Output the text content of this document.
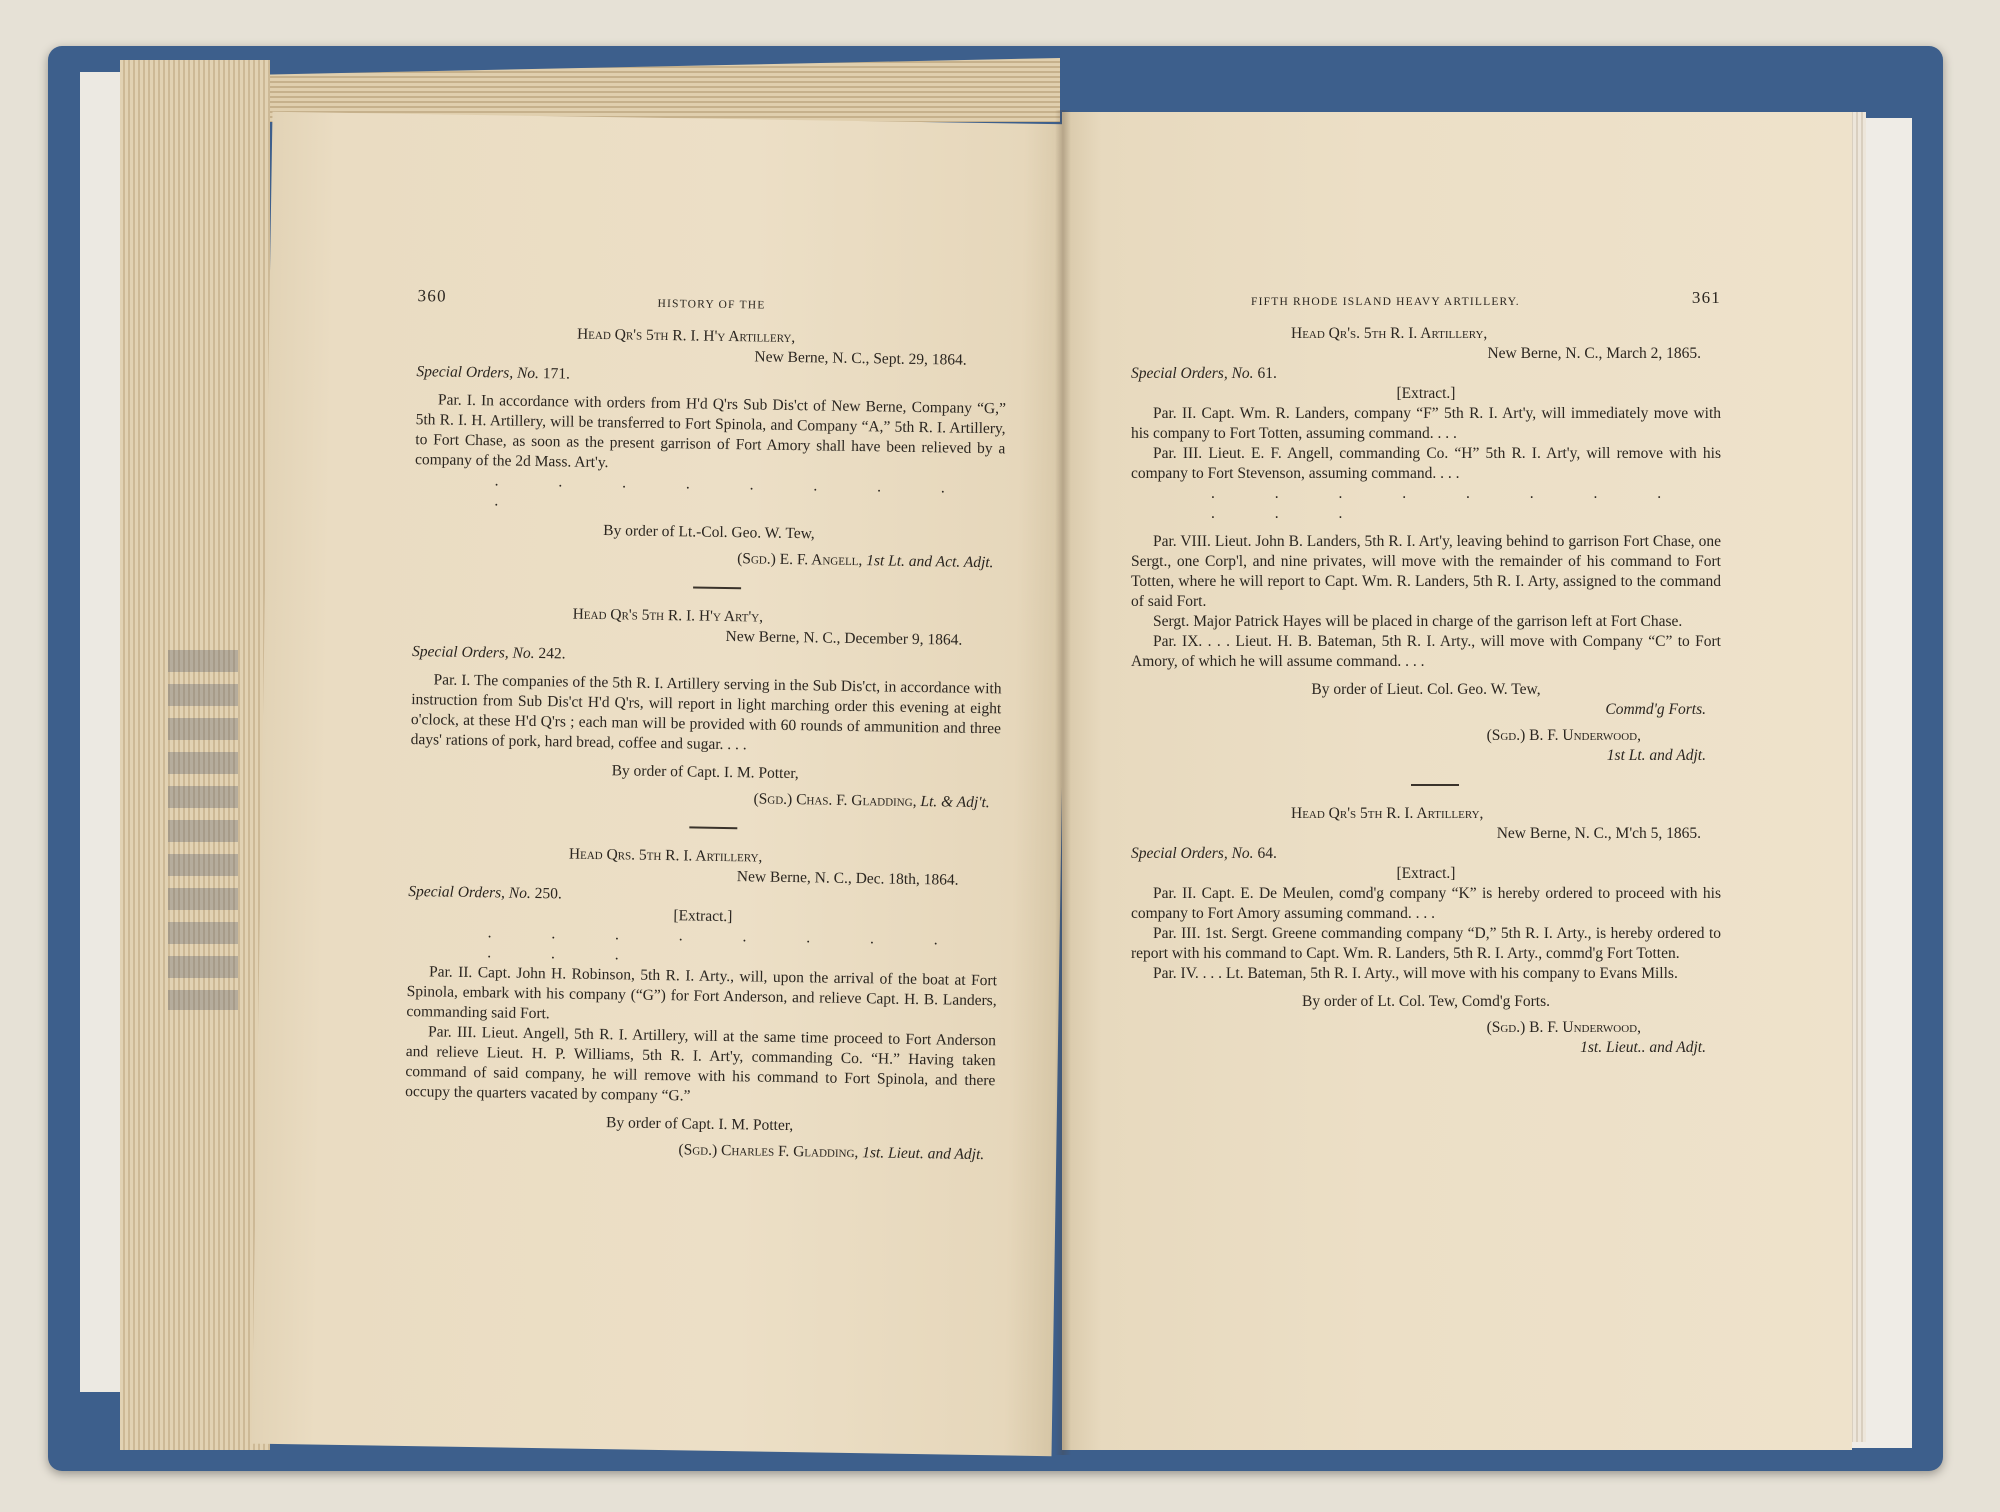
360	HISTORY OF THE
Head Qr's 5th R. I. H'y Artillery,
New Berne, N. C., Sept. 29, 1864.
Special Orders, No. 171.

Par. I. In accordance with orders from H'd Q'rs Sub Dis'ct of New Berne, Company “G,” 5th R. I. H. Artillery, will be transferred to Fort Spinola, and Company “A,” 5th R. I. Artillery, to Fort Chase, as soon as the present garrison of Fort Amory shall have been relieved by a company of the 2d Mass. Art'y.

. . . . . . . . .
By order of Lt.-Col. Geo. W. Tew,
(Sgd.) E. F. Angell, 1st Lt. and Act. Adjt.
Head Qr's 5th R. I. H'y Art'y,
New Berne, N. C., December 9, 1864.
Special Orders, No. 242.

Par. I. The companies of the 5th R. I. Artillery serving in the Sub Dis'ct, in accordance with instruction from Sub Dis'ct H'd Q'rs, will report in light marching order this evening at eight o'clock, at these H'd Q'rs ; each man will be provided with 60 rounds of ammunition and three days' rations of pork, hard bread, coffee and sugar. . . .

By order of Capt. I. M. Potter,
(Sgd.) Chas. F. Gladding, Lt. & Adj't.
Head Qrs. 5th R. I. Artillery,
New Berne, N. C., Dec. 18th, 1864.
Special Orders, No. 250.
[Extract.]
. . . . . . . . . . .

Par. II. Capt. John H. Robinson, 5th R. I. Arty., will, upon the arrival of the boat at Fort Spinola, embark with his company (“G”) for Fort Anderson, and relieve Capt. H. B. Landers, commanding said Fort.

Par. III. Lieut. Angell, 5th R. I. Artillery, will at the same time proceed to Fort Anderson and relieve Lieut. H. P. Williams, 5th R. I. Art'y, commanding Co. “H.” Having taken command of said company, he will remove with his command to Fort Spinola, and there occupy the quarters vacated by company “G.”

By order of Capt. I. M. Potter,
(Sgd.) Charles F. Gladding, 1st. Lieut. and Adjt.
FIFTH RHODE ISLAND HEAVY ARTILLERY.	361
Head Qr's. 5th R. I. Artillery,
New Berne, N. C., March 2, 1865.
Special Orders, No. 61.
[Extract.]

Par. II. Capt. Wm. R. Landers, company “F” 5th R. I. Art'y, will immediately move with his company to Fort Totten, assuming command. . . .

Par. III. Lieut. E. F. Angell, commanding Co. “H” 5th R. I. Art'y, will remove with his company to Fort Stevenson, assuming command. . . .

. . . . . . . . . . .

Par. VIII. Lieut. John B. Landers, 5th R. I. Art'y, leaving behind to garrison Fort Chase, one Sergt., one Corp'l, and nine privates, will move with the remainder of his command to Fort Totten, where he will report to Capt. Wm. R. Landers, 5th R. I. Arty, assigned to the command of said Fort.

Sergt. Major Patrick Hayes will be placed in charge of the garrison left at Fort Chase.

Par. IX. . . . Lieut. H. B. Bateman, 5th R. I. Arty., will move with Company “C” to Fort Amory, of which he will assume command. . . .

By order of Lieut. Col. Geo. W. Tew,
Commd'g Forts.
(Sgd.) B. F. Underwood,
1st Lt. and Adjt.
Head Qr's 5th R. I. Artillery,
New Berne, N. C., M'ch 5, 1865.
Special Orders, No. 64.
[Extract.]

Par. II. Capt. E. De Meulen, comd'g company “K” is hereby ordered to proceed with his company to Fort Amory assuming command. . . .

Par. III. 1st. Sergt. Greene commanding company “D,” 5th R. I. Arty., is hereby ordered to report with his command to Capt. Wm. R. Landers, 5th R. I. Arty., commd'g Fort Totten.

Par. IV. . . . Lt. Bateman, 5th R. I. Arty., will move with his company to Evans Mills.

By order of Lt. Col. Tew, Comd'g Forts.
(Sgd.) B. F. Underwood,
1st. Lieut.. and Adjt.
